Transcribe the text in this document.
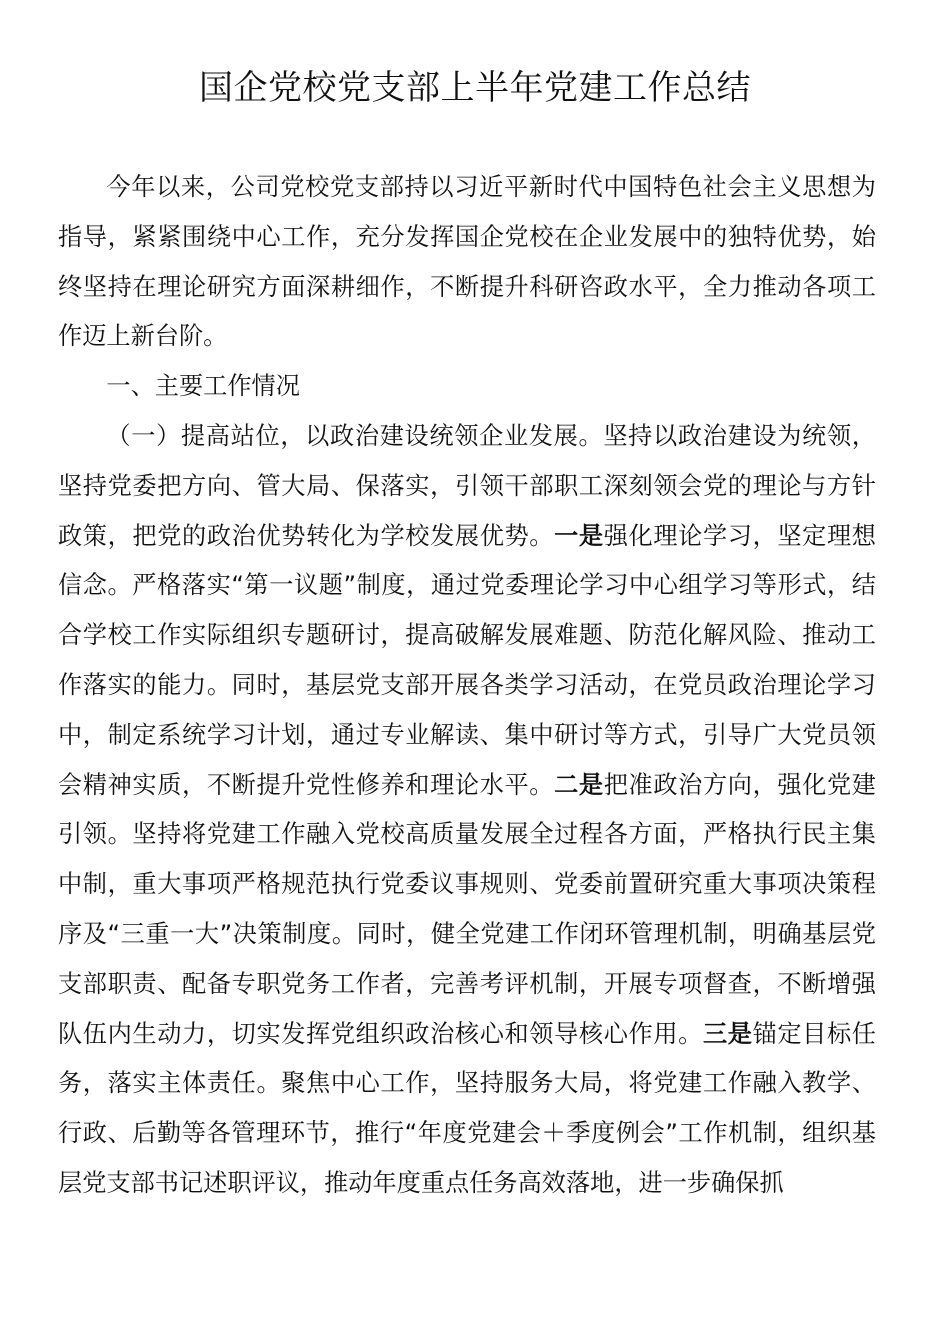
国企党校党支部上半年党建工作总结

今年以来，公司党校党支部持以习近平新时代中国特色社会主义思想为指导，紧紧围绕中心工作，充分发挥国企党校在企业发展中的独特优势，始终坚持在理论研究方面深耕细作，不断提升科研咨政水平，全力推动各项工作迈上新台阶。

一、主要工作情况

（一）提高站位，以政治建设统领企业发展。坚持以政治建设为统领，坚持党委把方向、管大局、保落实，引领干部职工深刻领会党的理论与方针政策，把党的政治优势转化为学校发展优势。一是强化理论学习，坚定理想信念。严格落实“第一议题”制度，通过党委理论学习中心组学习等形式，结合学校工作实际组织专题研讨，提高破解发展难题、防范化解风险、推动工作落实的能力。同时，基层党支部开展各类学习活动，在党员政治理论学习中，制定系统学习计划，通过专业解读、集中研讨等方式，引导广大党员领会精神实质，不断提升党性修养和理论水平。二是把准政治方向，强化党建引领。坚持将党建工作融入党校高质量发展全过程各方面，严格执行民主集中制，重大事项严格规范执行党委议事规则、党委前置研究重大事项决策程序及“三重一大”决策制度。同时，健全党建工作闭环管理机制，明确基层党支部职责、配备专职党务工作者，完善考评机制，开展专项督查，不断增强队伍内生动力，切实发挥党组织政治核心和领导核心作用。三是锚定目标任务，落实主体责任。聚焦中心工作，坚持服务大局，将党建工作融入教学、行政、后勤等各管理环节，推行“年度党建会＋季度例会”工作机制，组织基层党支部书记述职评议，推动年度重点任务高效落地，进一步确保抓
